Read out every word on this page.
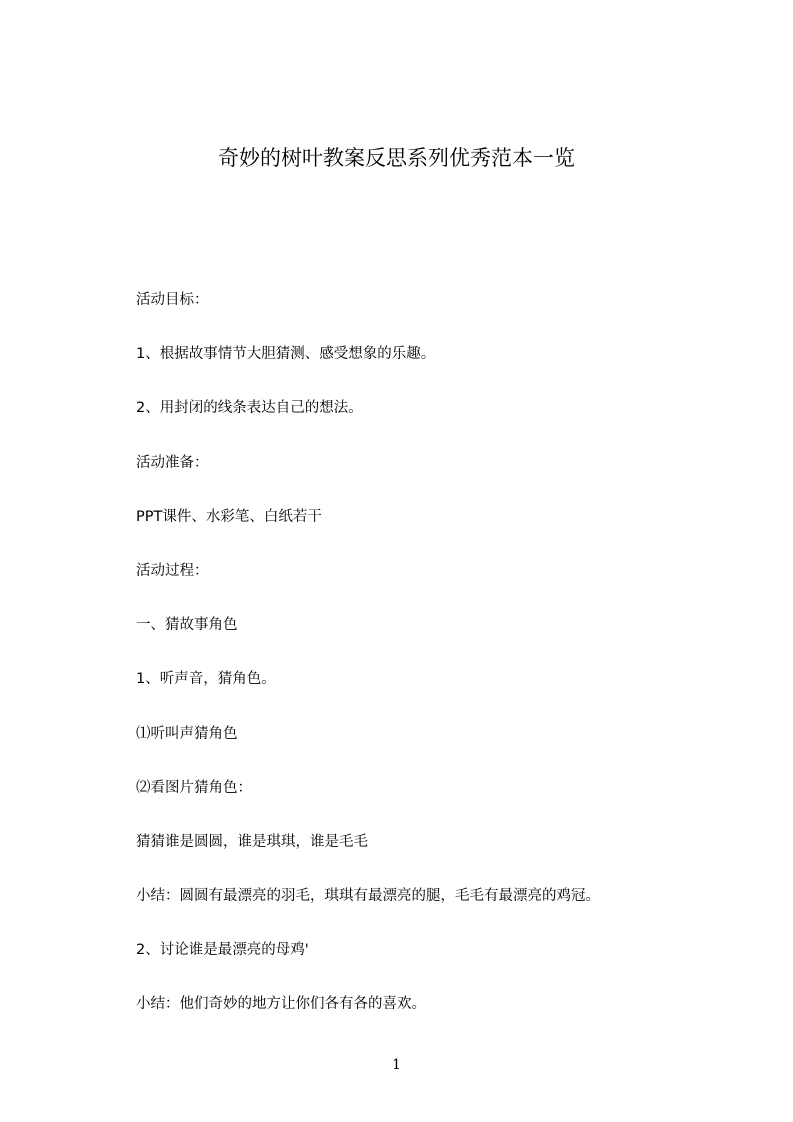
奇妙的树叶教案反思系列优秀范本一览

活动目标：

1、根据故事情节大胆猜测、感受想象的乐趣。

2、用封闭的线条表达自己的想法。

活动准备：

PPT课件、水彩笔、白纸若干

活动过程：

一、猜故事角色

1、听声音，猜角色。

⑴听叫声猜角色

⑵看图片猜角色：

猜猜谁是圆圆，谁是琪琪，谁是毛毛

小结：圆圆有最漂亮的羽毛，琪琪有最漂亮的腿，毛毛有最漂亮的鸡冠。

2、讨论谁是最漂亮的母鸡'

小结：他们奇妙的地方让你们各有各的喜欢。

1
